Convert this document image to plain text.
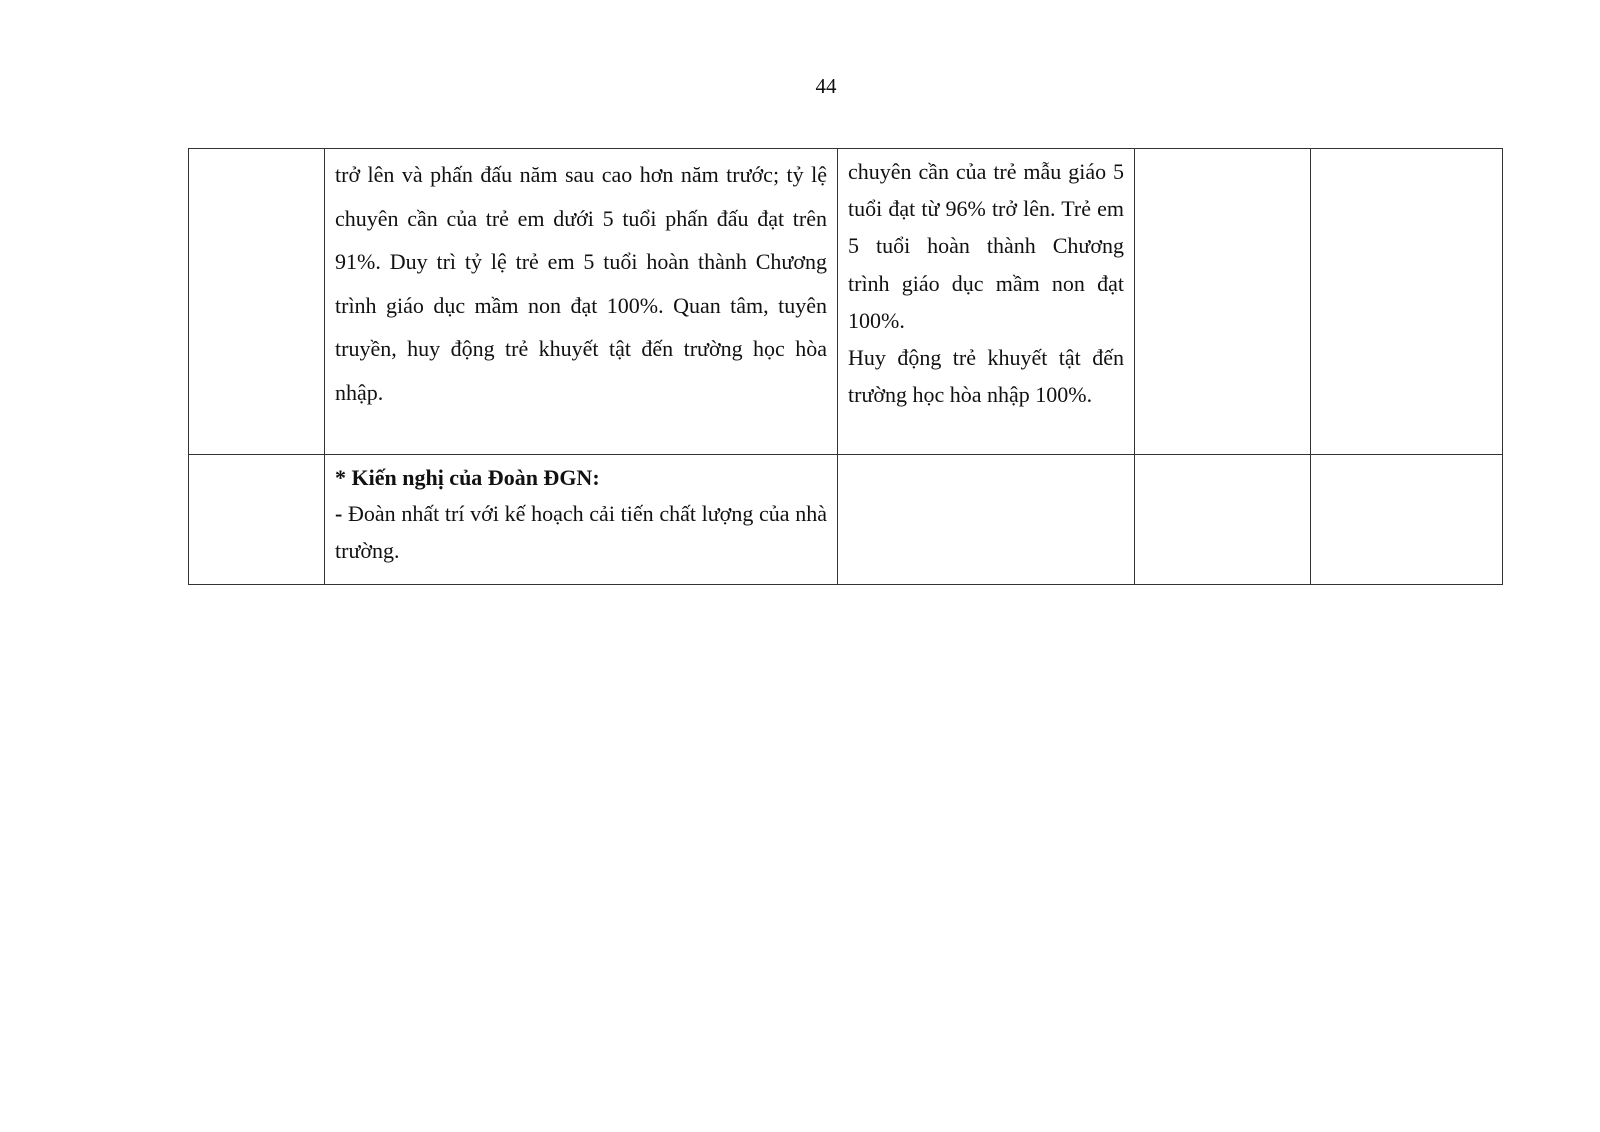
44

	trở lên và phấn đấu năm sau cao hơn năm trước; tỷ lệ chuyên cần của trẻ em dưới 5 tuổi phấn đấu đạt trên 91%. Duy trì tỷ lệ trẻ em 5 tuổi hoàn thành Chương trình giáo dục mầm non đạt 100%. Quan tâm, tuyên truyền, huy động trẻ khuyết tật đến trường học hòa nhập.	chuyên cần của trẻ mẫu giáo 5 tuổi đạt từ 96% trở lên. Trẻ em 5 tuổi hoàn thành Chương trình giáo dục mầm non đạt 100%.
Huy động trẻ khuyết tật đến trường học hòa nhập 100%.		

	* Kiến nghị của Đoàn ĐGN:
- Đoàn nhất trí với kế hoạch cải tiến chất lượng của nhà trường.			
